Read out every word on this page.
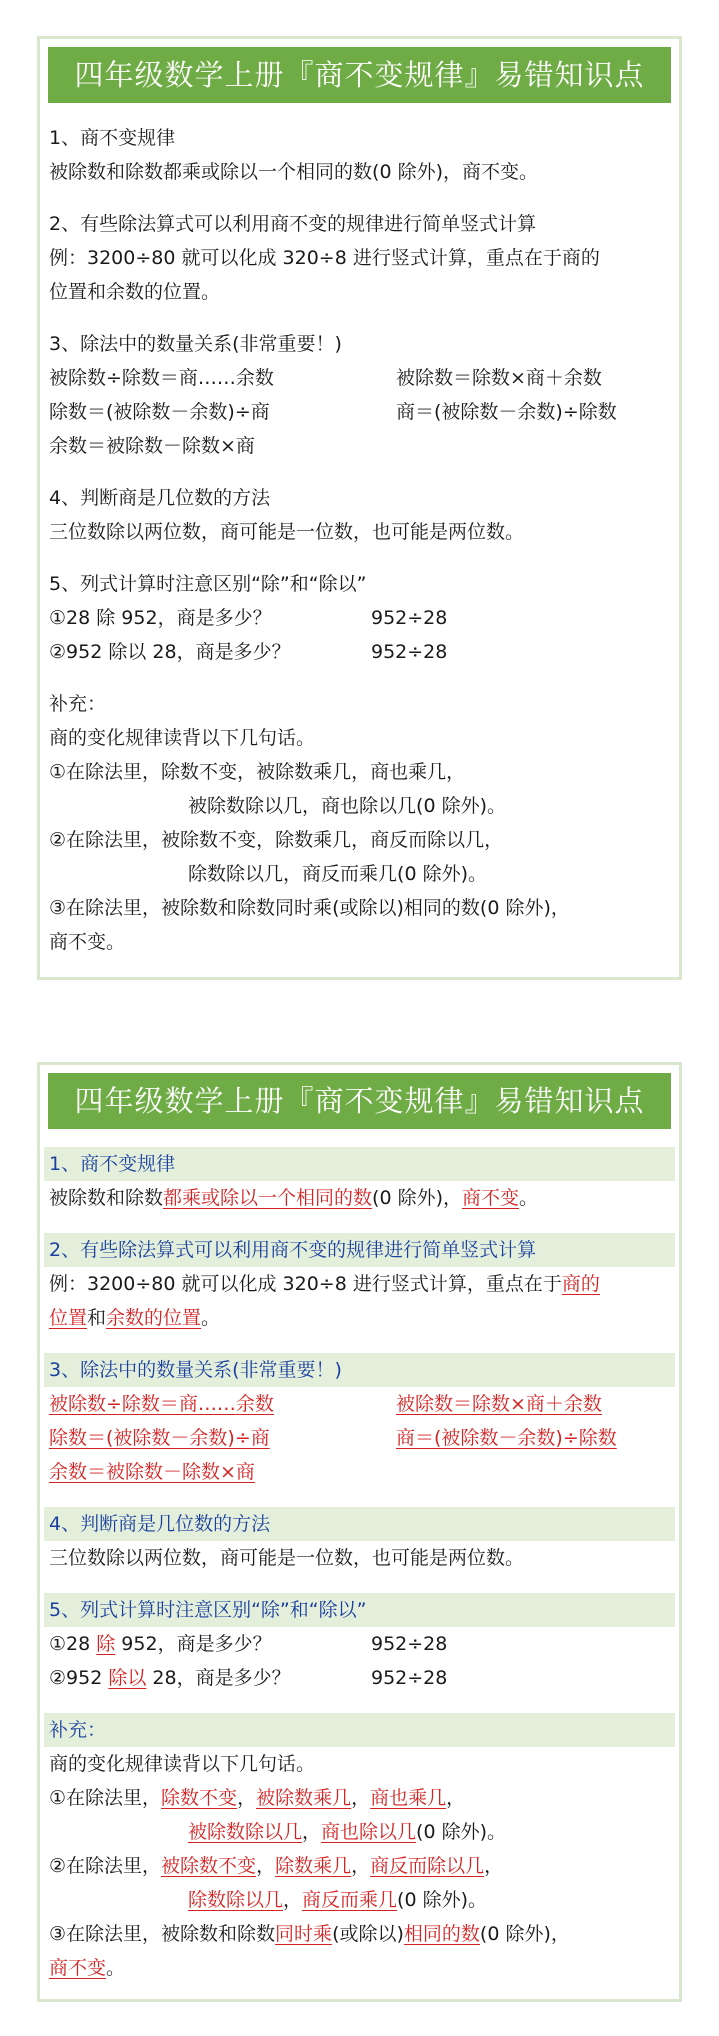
四年级数学上册『商不变规律』易错知识点
1、商不变规律
被除数和除数都乘或除以一个相同的数(0 除外)，商不变。
2、有些除法算式可以利用商不变的规律进行简单竖式计算
例：3200÷80 就可以化成 320÷8 进行竖式计算，重点在于商的
位置和余数的位置。
3、除法中的数量关系(非常重要！)
被除数÷除数＝商……余数	被除数＝除数×商＋余数
除数＝(被除数－余数)÷商	商＝(被除数－余数)÷除数
余数＝被除数－除数×商
4、判断商是几位数的方法
三位数除以两位数，商可能是一位数，也可能是两位数。
5、列式计算时注意区别“除”和“除以”
①28 除 952，商是多少？	952÷28
②952 除以 28，商是多少？	952÷28
补充：
商的变化规律读背以下几句话。
①在除法里，除数不变，被除数乘几，商也乘几，
被除数除以几，商也除以几(0 除外)。
②在除法里，被除数不变，除数乘几，商反而除以几，
除数除以几，商反而乘几(0 除外)。
③在除法里，被除数和除数同时乘(或除以)相同的数(0 除外)，
商不变。
四年级数学上册『商不变规律』易错知识点
1、商不变规律
被除数和除数都乘或除以一个相同的数(0 除外)，商不变。
2、有些除法算式可以利用商不变的规律进行简单竖式计算
例：3200÷80 就可以化成 320÷8 进行竖式计算，重点在于商的
位置和余数的位置。
3、除法中的数量关系(非常重要！)
被除数÷除数＝商……余数	被除数＝除数×商＋余数
除数＝(被除数－余数)÷商	商＝(被除数－余数)÷除数
余数＝被除数－除数×商
4、判断商是几位数的方法
三位数除以两位数，商可能是一位数，也可能是两位数。
5、列式计算时注意区别“除”和“除以”
①28 除 952，商是多少？	952÷28
②952 除以 28，商是多少？	952÷28
补充：
商的变化规律读背以下几句话。
①在除法里，除数不变，被除数乘几，商也乘几，
被除数除以几，商也除以几(0 除外)。
②在除法里，被除数不变，除数乘几，商反而除以几，
除数除以几，商反而乘几(0 除外)。
③在除法里，被除数和除数同时乘(或除以)相同的数(0 除外)，
商不变。
